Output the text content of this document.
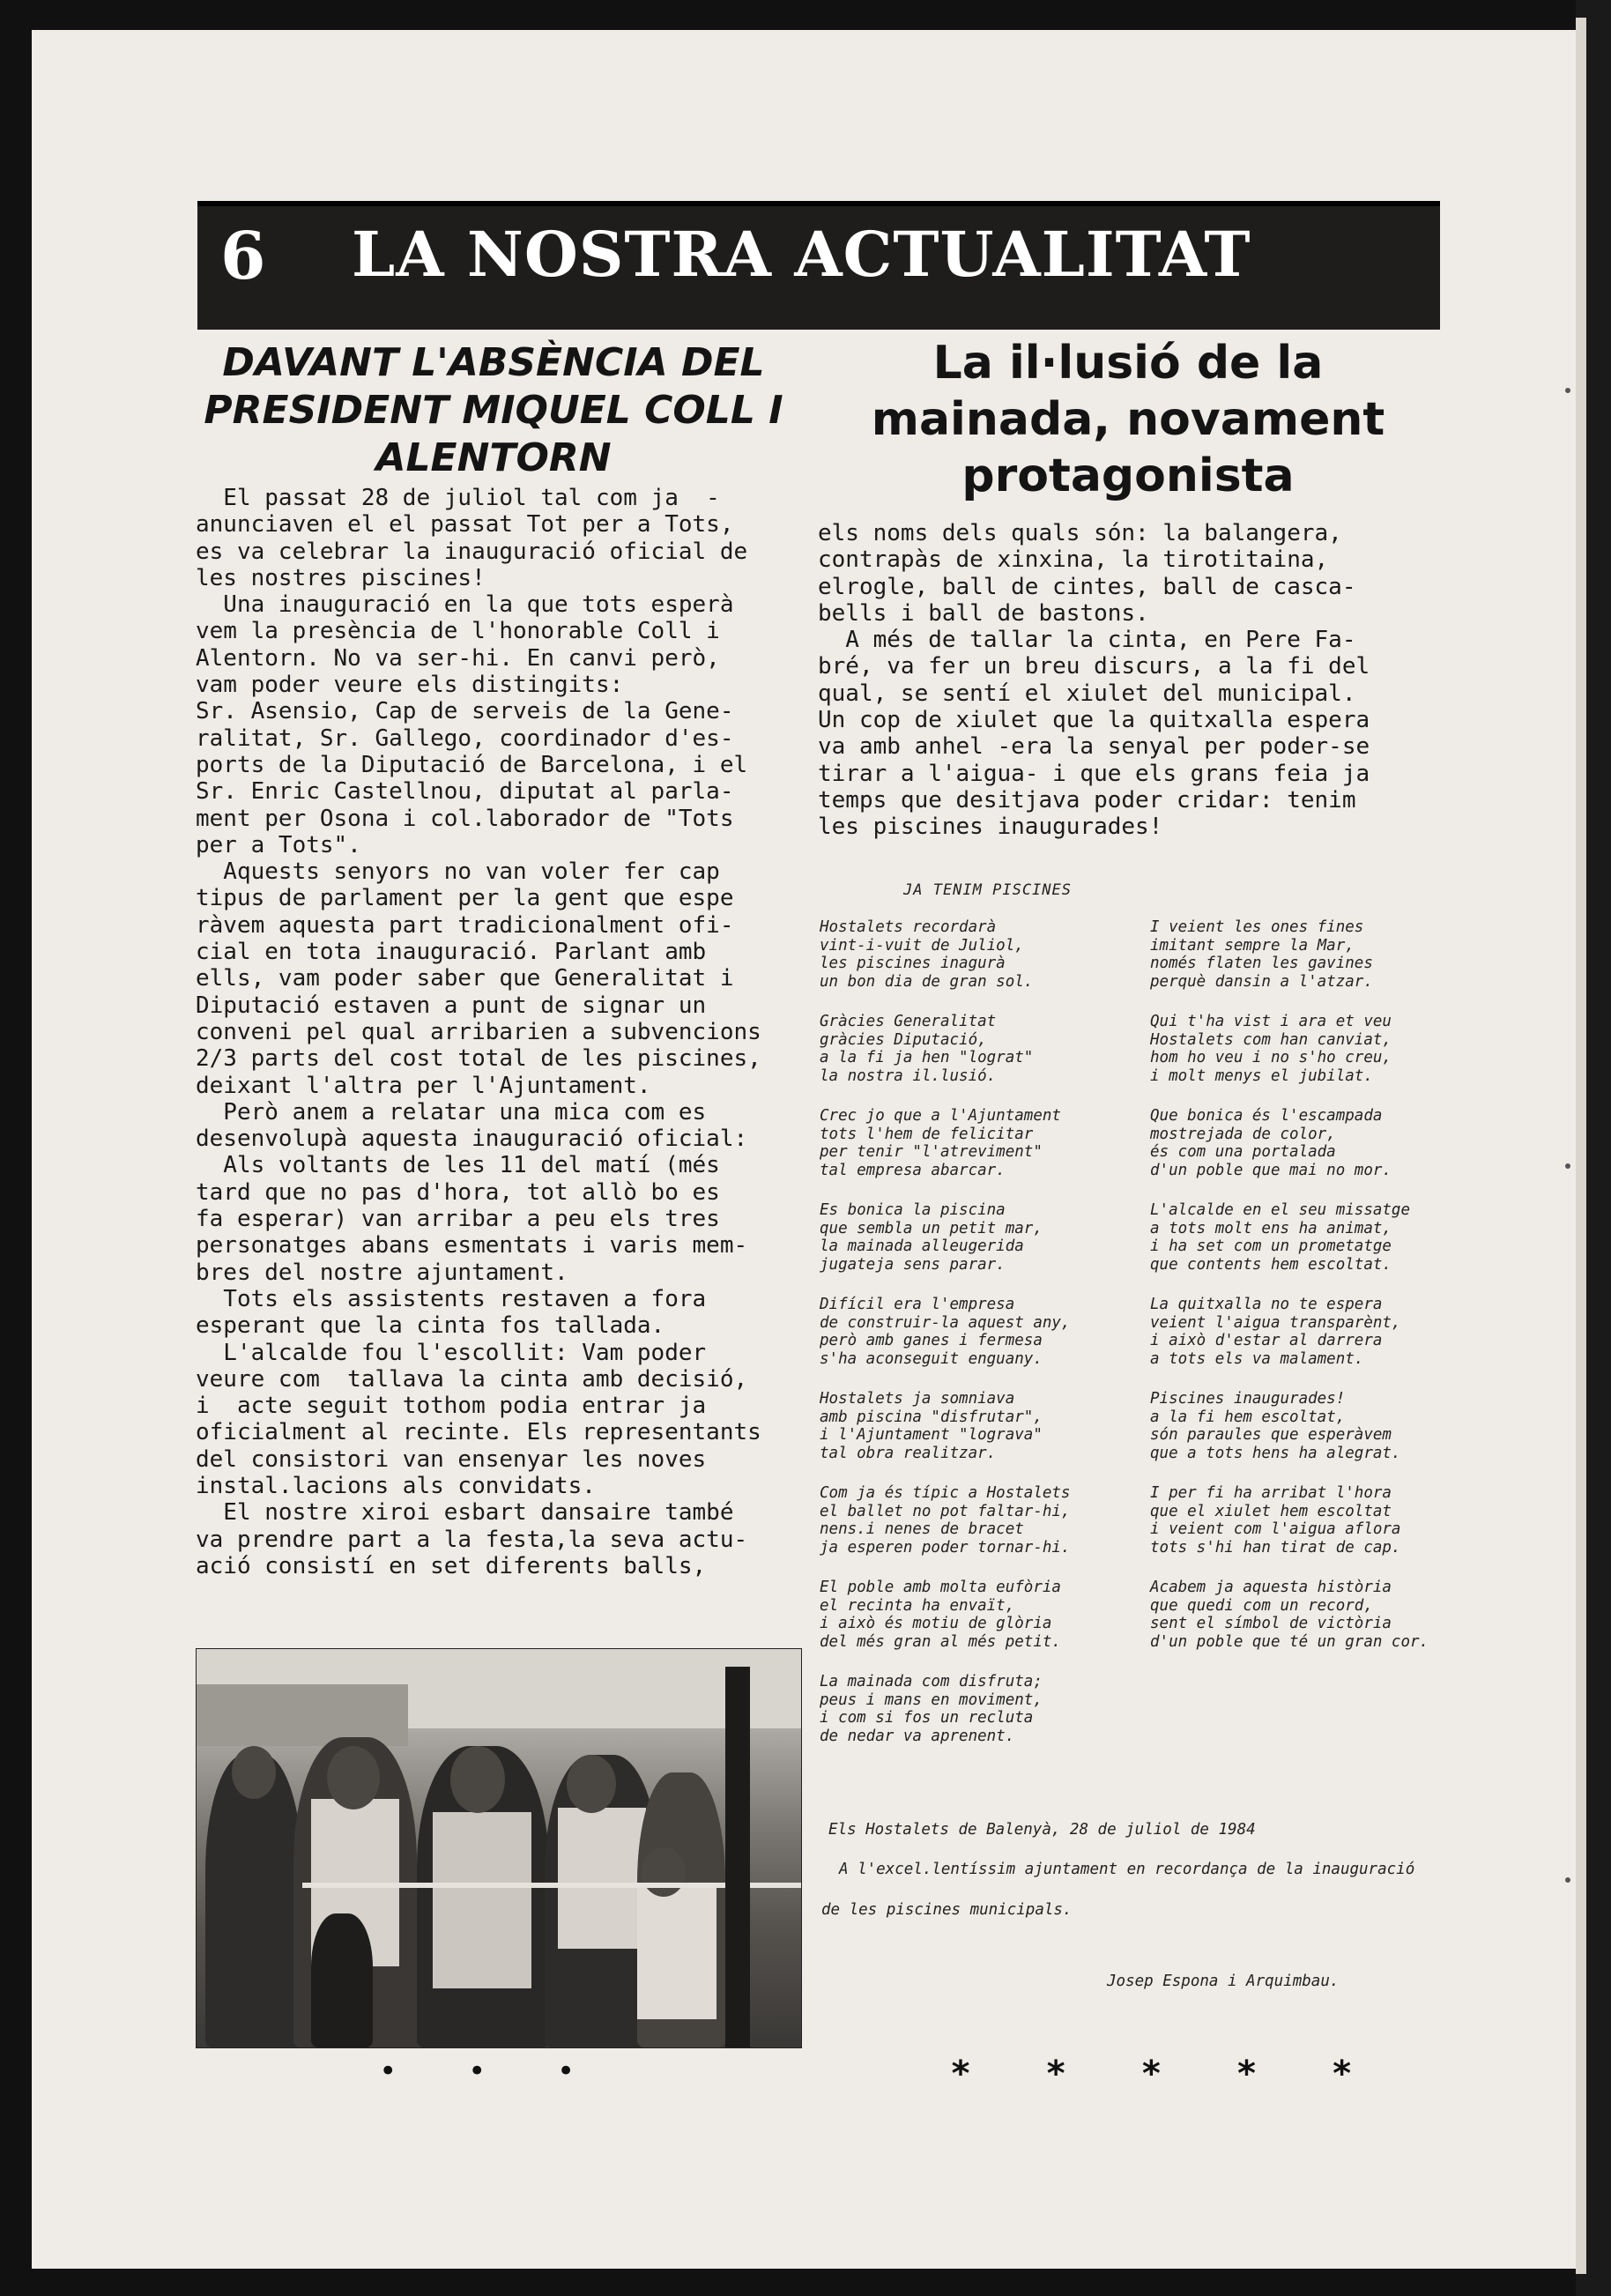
6 LA NOSTRA ACTUALITAT
DAVANT L'ABSÈNCIA DEL PRESIDENT MIQUEL COLL I ALENTORN
La il·lusió de la mainada, novament protagonista
El passat 28 de juliol tal com ja  -
anunciaven el el passat Tot per a Tots,
es va celebrar la inauguració oficial de
les nostres piscines!
Una inauguració en la que tots esperà
vem la presència de l'honorable Coll i
Alentorn. No va ser-hi. En canvi però,
vam poder veure els distingits:
Sr. Asensio, Cap de serveis de la Gene-
ralitat, Sr. Gallego, coordinador d'es-
ports de la Diputació de Barcelona, i el
Sr. Enric Castellnou, diputat al parla-
ment per Osona i col.laborador de "Tots
per a Tots".
Aquests senyors no van voler fer cap
tipus de parlament per la gent que espe
ràvem aquesta part tradicionalment ofi-
cial en tota inauguració. Parlant amb
ells, vam poder saber que Generalitat i
Diputació estaven a punt de signar un
conveni pel qual arribarien a subvencions
2/3 parts del cost total de les piscines,
deixant l'altra per l'Ajuntament.
Però anem a relatar una mica com es
desenvolupà aquesta inauguració oficial:
Als voltants de les 11 del matí (més
tard que no pas d'hora, tot allò bo es
fa esperar) van arribar a peu els tres
personatges abans esmentats i varis mem-
bres del nostre ajuntament.
Tots els assistents restaven a fora
esperant que la cinta fos tallada.
L'alcalde fou l'escollit: Vam poder
veure com  tallava la cinta amb decisió,
i  acte seguit tothom podia entrar ja
oficialment al recinte. Els representants
del consistori van ensenyar les noves
instal.lacions als convidats.
El nostre xiroi esbart dansaire també
va prendre part a la festa,la seva actu-
ació consistí en set diferents balls,
els noms dels quals són: la balangera,
contrapàs de xinxina, la tirotitaina,
elrogle, ball de cintes, ball de casca-
bells i ball de bastons.
A més de tallar la cinta, en Pere Fa-
bré, va fer un breu discurs, a la fi del
qual, se sentí el xiulet del municipal.
Un cop de xiulet que la quitxalla espera
va amb anhel -era la senyal per poder-se
tirar a l'aigua- i que els grans feia ja
temps que desitjava poder cridar: tenim
les piscines inaugurades!
JA TENIM PISCINES
Hostalets recordarà
vint-i-vuit de Juliol,
les piscines inagurà
un bon dia de gran sol.
Gràcies Generalitat
gràcies Diputació,
a la fi ja hen "lograt"
la nostra il.lusió.
Crec jo que a l'Ajuntament
tots l'hem de felicitar
per tenir "l'atreviment"
tal empresa abarcar.
Es bonica la piscina
que sembla un petit mar,
la mainada alleugerida
jugateja sens parar.
Difícil era l'empresa
de construir-la aquest any,
però amb ganes i fermesa
s'ha aconseguit enguany.
Hostalets ja somniava
amb piscina "disfrutar",
i l'Ajuntament "lograva"
tal obra realitzar.
Com ja és típic a Hostalets
el ballet no pot faltar-hi,
nens.i nenes de bracet
ja esperen poder tornar-hi.
El poble amb molta eufòria
el recinta ha envaït,
i això és motiu de glòria
del més gran al més petit.
La mainada com disfruta;
peus i mans en moviment,
i com si fos un recluta
de nedar va aprenent.
I veient les ones fines
imitant sempre la Mar,
només flaten les gavines
perquè dansin a l'atzar.
Qui t'ha vist i ara et veu
Hostalets com han canviat,
hom ho veu i no s'ho creu,
i molt menys el jubilat.
Que bonica és l'escampada
mostrejada de color,
és com una portalada
d'un poble que mai no mor.
L'alcalde en el seu missatge
a tots molt ens ha animat,
i ha set com un prometatge
que contents hem escoltat.
La quitxalla no te espera
veient l'aigua transparènt,
i això d'estar al darrera
a tots els va malament.
Piscines inaugurades!
a la fi hem escoltat,
són paraules que esperàvem
que a tots hens ha alegrat.
I per fi ha arribat l'hora
que el xiulet hem escoltat
i veient com l'aigua aflora
tots s'hi han tirat de cap.
Acabem ja aquesta història
que quedi com un record,
sent el símbol de victòria
d'un poble que té un gran cor.
Els Hostalets de Balenyà, 28 de juliol de 1984
A l'excel.lentíssim ajuntament en recordança de la inauguració
de les piscines municipals.
Josep Espona i Arquimbau.
• • •	* * * * *
